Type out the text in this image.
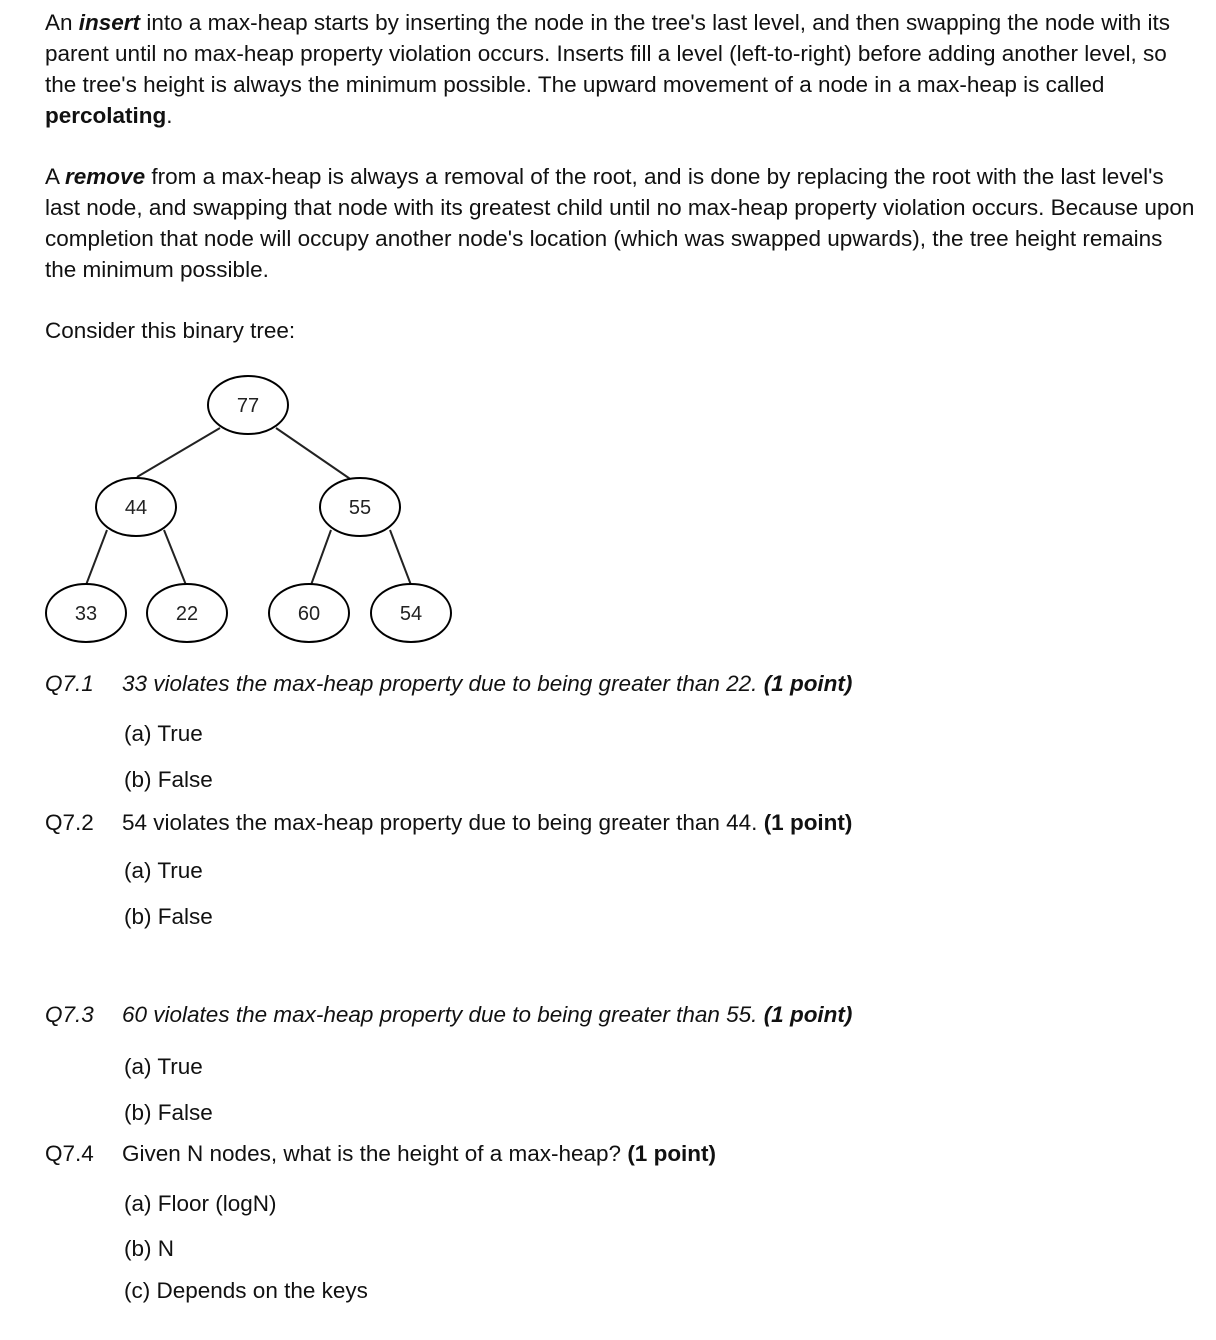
An insert into a max-heap starts by inserting the node in the tree's last level, and then swapping the node with its parent until no max-heap property violation occurs. Inserts fill a level (left-to-right) before adding another level, so the tree's height is always the minimum possible. The upward movement of a node in a max-heap is called percolating.

A remove from a max-heap is always a removal of the root, and is done by replacing the root with the last level's last node, and swapping that node with its greatest child until no max-heap property violation occurs. Because upon completion that node will occupy another node's location (which was swapped upwards), the tree height remains the minimum possible.

Consider this binary tree:

77
44	55
33	22	60	54
Q7.1 33 violates the max-heap property due to being greater than 22. (1 point)
(a) True
(b) False
Q7.2 54 violates the max-heap property due to being greater than 44. (1 point)
(a) True
(b) False
Q7.3 60 violates the max-heap property due to being greater than 55. (1 point)
(a) True
(b) False
Q7.4 Given N nodes, what is the height of a max-heap? (1 point)
(a) Floor (logN)
(b) N
(c) Depends on the keys
